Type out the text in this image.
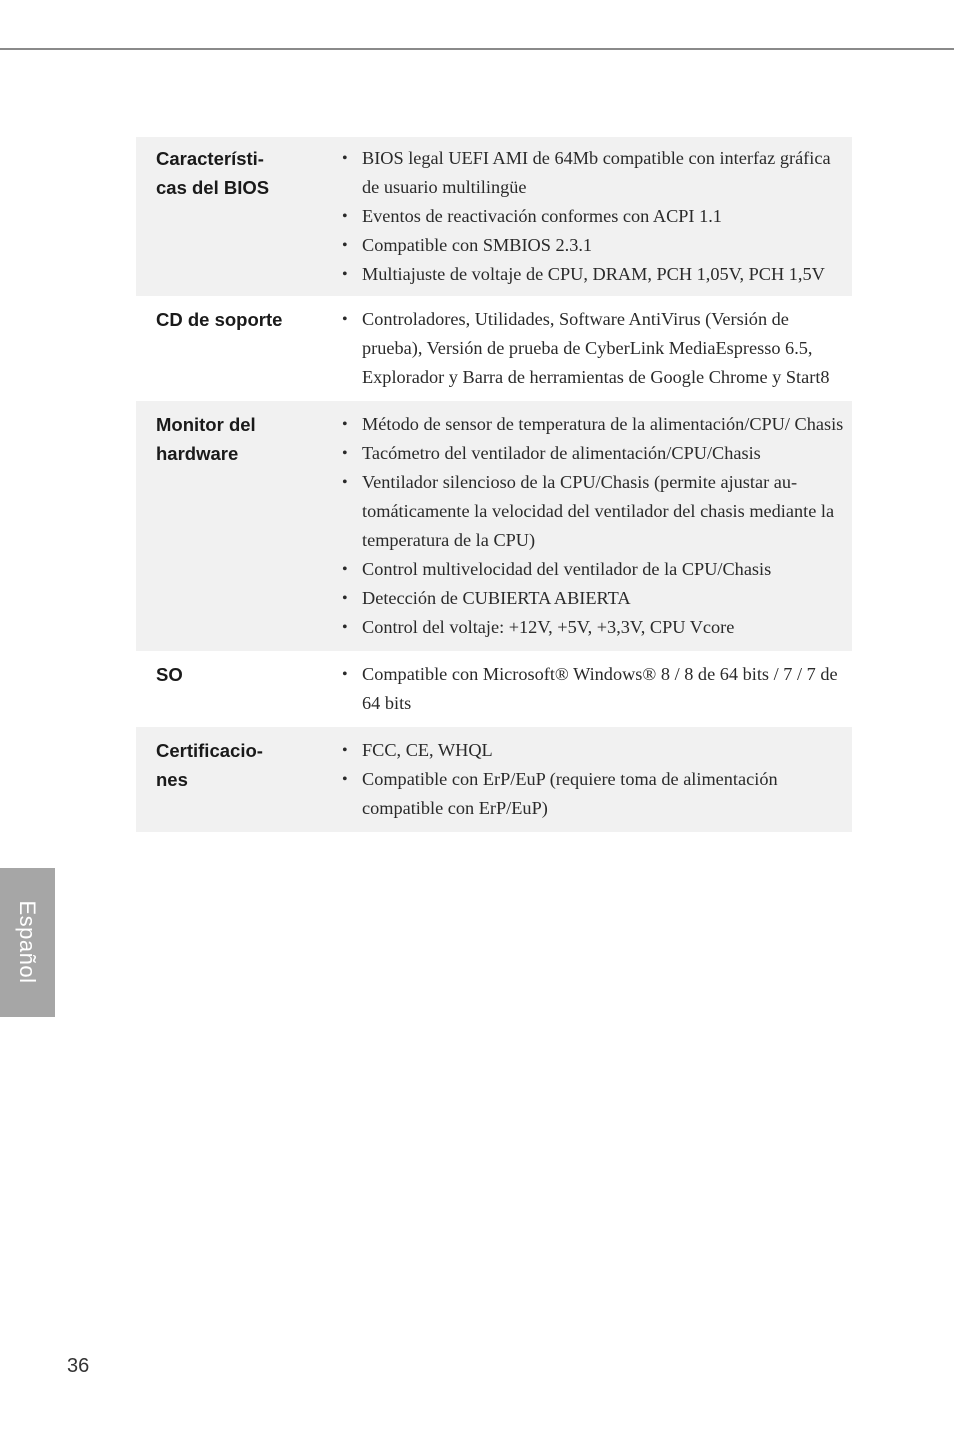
Característi-
cas del BIOS
• BIOS legal UEFI AMI de 64Mb compatible con interfaz gráfica de usuario multilingüe
• Eventos de reactivación conformes con ACPI 1.1
• Compatible con SMBIOS 2.3.1
• Multiajuste de voltaje de CPU, DRAM, PCH 1,05V, PCH 1,5V
CD de soporte	• Controladores, Utilidades, Software AntiVirus (Versión de prueba), Versión de prueba de CyberLink MediaEspresso 6.5, Explorador y Barra de herramientas de Google Chrome y Start8
Monitor del
hardware
• Método de sensor de temperatura de la alimentación/CPU/ Chasis
• Tacómetro del ventilador de alimentación/CPU/Chasis
• Ventilador silencioso de la CPU/Chasis (permite ajustar au- tomáticamente la velocidad del ventilador del chasis mediante la temperatura de la CPU)
• Control multivelocidad del ventilador de la CPU/Chasis
• Detección de CUBIERTA ABIERTA
• Control del voltaje: +12V, +5V, +3,3V, CPU Vcore
SO	• Compatible con Microsoft® Windows® 8 / 8 de 64 bits / 7 / 7 de 64 bits
Certificacio-
nes
• FCC, CE, WHQL
• Compatible con ErP/EuP (requiere toma de alimentación compatible con ErP/EuP)
Español
36
